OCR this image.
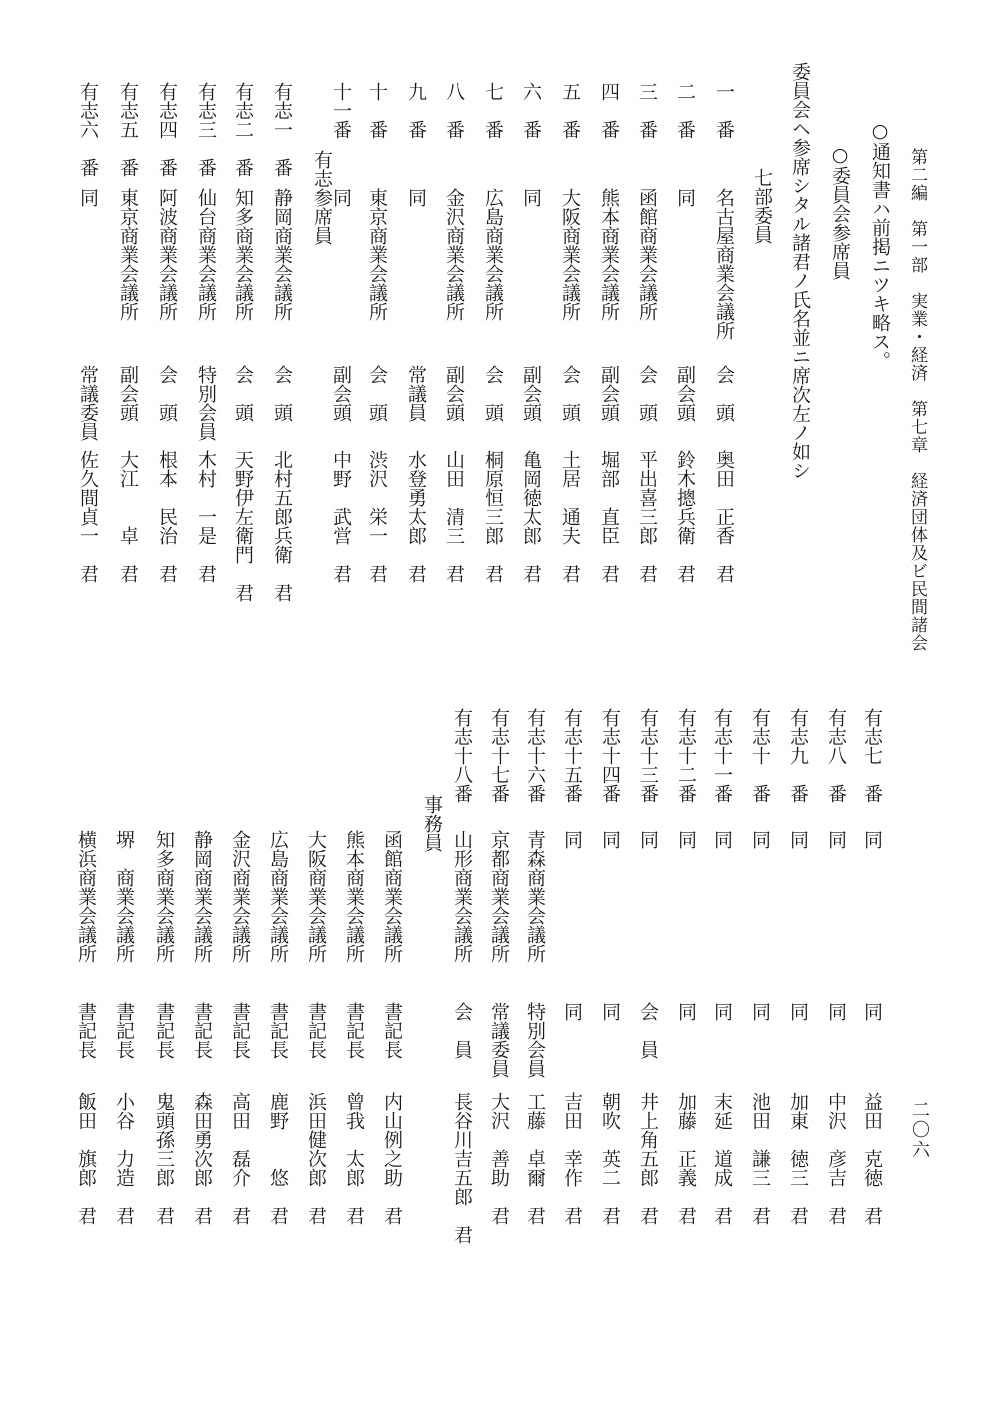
第二編　第一部　実業・経済　第七章　経済団体及ビ民間諸会
二〇六
○通知書ハ前掲ニツキ略ス。
○委員会参席員
委員会ヘ参席シタル諸君ノ氏名並ニ席次左ノ如シ
七部委員
有志参席員
事務員
一　番
名古屋商業会議所
会　頭
奥田　正香　君
二　番
同
副会頭
鈴木摠兵衛　君
三　番
函館商業会議所
会　頭
平出喜三郎　君
四　番
熊本商業会議所
副会頭
堀部　直臣　君
五　番
大阪商業会議所
会　頭
土居　通夫　君
六　番
同
副会頭
亀岡徳太郎　君
七　番
広島商業会議所
会　頭
桐原恒三郎　君
八　番
金沢商業会議所
副会頭
山田　清三　君
九　番
同
常議員
水登勇太郎　君
十　番
東京商業会議所
会　頭
渋沢　栄一　君
十一番
同
副会頭
中野　武営　君
有志一　番
静岡商業会議所
会　頭
北村五郎兵衛　君
有志二　番
知多商業会議所
会　頭
天野伊左衛門　君
有志三　番
仙台商業会議所
特別会員
木村　一是　君
有志四　番
阿波商業会議所
会　頭
根本　民治　君
有志五　番
東京商業会議所
副会頭
大江　　卓　君
有志六　番
同
常議委員
佐久間貞一　君
有志七　番
同
同
益田　克徳　君
有志八　番
同
同
中沢　彦吉　君
有志九　番
同
同
加東　徳三　君
有志十　番
同
同
池田　謙三　君
有志十一番
同
同
末延　道成　君
有志十二番
同
同
加藤　正義　君
有志十三番
同
会　員
井上角五郎　君
有志十四番
同
同
朝吹　英二　君
有志十五番
同
同
吉田　幸作　君
有志十六番
青森商業会議所
特別会員
工藤　卓爾　君
有志十七番
京都商業会議所
常議委員
大沢　善助　君
有志十八番
山形商業会議所
会　員
長谷川吉五郎　君
函館商業会議所
書記長
内山例之助　君
熊本商業会議所
書記長
曾我　太郎　君
大阪商業会議所
書記長
浜田健次郎　君
広島商業会議所
書記長
鹿野　　悠　君
金沢商業会議所
書記長
高田　磊介　君
静岡商業会議所
書記長
森田勇次郎　君
知多商業会議所
書記長
鬼頭孫三郎　君
堺　商業会議所
書記長
小谷　力造　君
横浜商業会議所
書記長
飯田　旗郎　君
